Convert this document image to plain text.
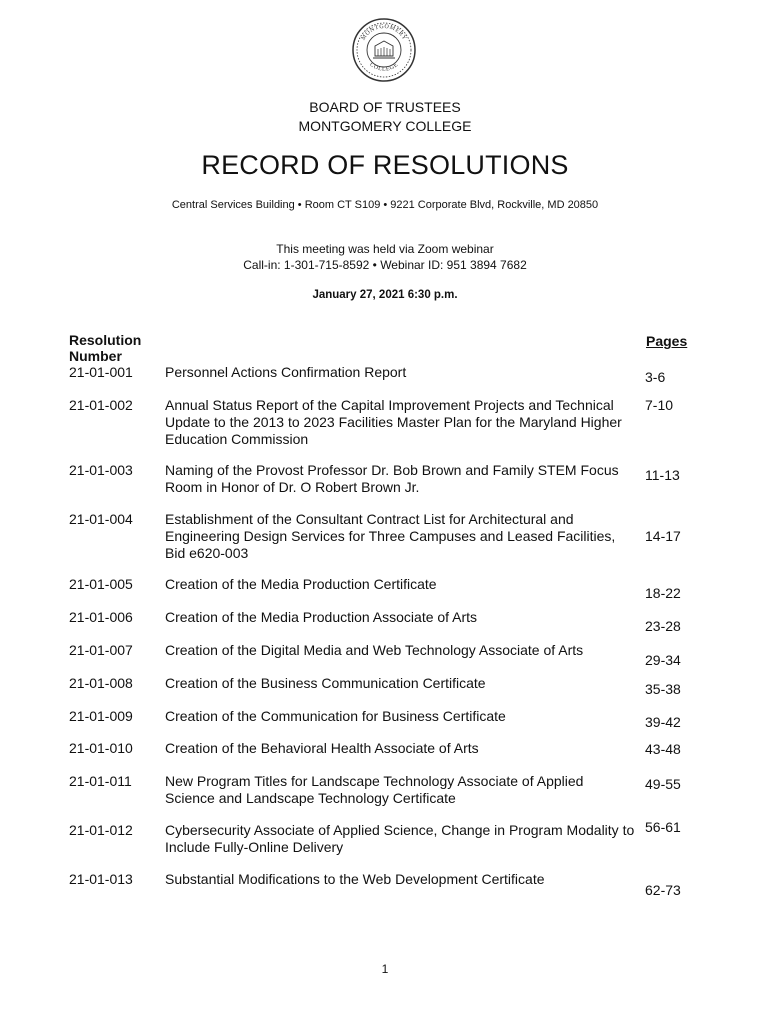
MONTGOMERY
COLLEGE
BOARD OF TRUSTEES
MONTGOMERY COLLEGE
RECORD OF RESOLUTIONS
Central Services Building • Room CT S109 • 9221 Corporate Blvd, Rockville, MD 20850
This meeting was held via Zoom webinar
Call-in: 1-301-715-8592 • Webinar ID: 951 3894 7682
January 27, 2021 6:30 p.m.
Resolution
Number
Pages
21-01-001 Personnel Actions Confirmation Report	3-6
21-01-002 Annual Status Report of the Capital Improvement Projects and Technical Update to the 2013 to 2023 Facilities Master Plan for the Maryland Higher Education Commission
7-10
21-01-003 Naming of the Provost Professor Dr. Bob Brown and Family STEM Focus Room in Honor of Dr. O Robert Brown Jr.
11-13
21-01-004 Establishment of the Consultant Contract List for Architectural and Engineering Design Services for Three Campuses and Leased Facilities, Bid e620-003
14-17
21-01-005 Creation of the Media Production Certificate
18-22
21-01-006 Creation of the Media Production Associate of Arts
23-28
21-01-007 Creation of the Digital Media and Web Technology Associate of Arts
29-34
21-01-008 Creation of the Business Communication Certificate	35-38
21-01-009 Creation of the Communication for Business Certificate	39-42
21-01-010 Creation of the Behavioral Health Associate of Arts	43-48
21-01-011 New Program Titles for Landscape Technology Associate of Applied Science and Landscape Technology Certificate
49-55
21-01-012 Cybersecurity Associate of Applied Science, Change in Program Modality to Include Fully-Online Delivery
56-61
21-01-013 Substantial Modifications to the Web Development Certificate
62-73
1
